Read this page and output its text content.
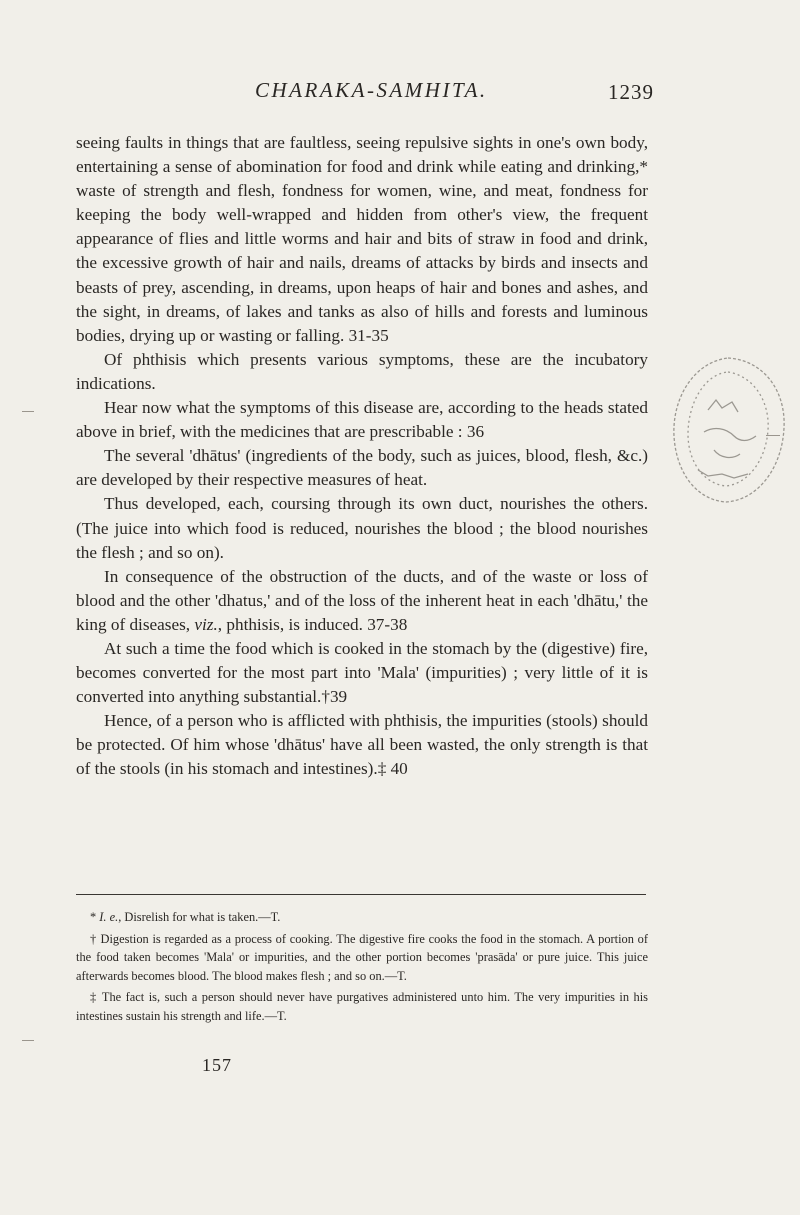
CHARAKA-SAMHITA.	1239

seeing faults in things that are faultless, seeing repulsive sights in one's own body, entertaining a sense of abomination for food and drink while eating and drinking,* waste of strength and flesh, fondness for women, wine, and meat, fondness for keeping the body well-wrapped and hidden from other's view, the frequent appearance of flies and little worms and hair and bits of straw in food and drink, the excessive growth of hair and nails, dreams of attacks by birds and insects and beasts of prey, ascending, in dreams, upon heaps of hair and bones and ashes, and the sight, in dreams, of lakes and tanks as also of hills and forests and luminous bodies, drying up or wasting or falling. 31-35

Of phthisis which presents various symptoms, these are the incubatory indications.

Hear now what the symptoms of this disease are, according to the heads stated above in brief, with the medicines that are prescribable : 36

The several 'dhātus' (ingredients of the body, such as juices, blood, flesh, &c.) are developed by their respective measures of heat.

Thus developed, each, coursing through its own duct, nourishes the others. (The juice into which food is reduced, nourishes the blood ; the blood nourishes the flesh ; and so on).

In consequence of the obstruction of the ducts, and of the waste or loss of blood and the other 'dhatus,' and of the loss of the inherent heat in each 'dhātu,' the king of diseases, viz., phthisis, is induced. 37-38

At such a time the food which is cooked in the stomach by the (digestive) fire, becomes converted for the most part into 'Mala' (impurities) ; very little of it is converted into anything substantial.†39

Hence, of a person who is afflicted with phthisis, the impurities (stools) should be protected. Of him whose 'dhātus' have all been wasted, the only strength is that of the stools (in his stomach and intestines).‡ 40

* I. e., Disrelish for what is taken.—T.

† Digestion is regarded as a process of cooking. The digestive fire cooks the food in the stomach. A portion of the food taken becomes 'Mala' or impurities, and the other portion becomes 'prasāda' or pure juice. This juice afterwards becomes blood. The blood makes flesh ; and so on.—T.

‡ The fact is, such a person should never have purgatives administered unto him. The very impurities in his intestines sustain his strength and life.—T.

157
